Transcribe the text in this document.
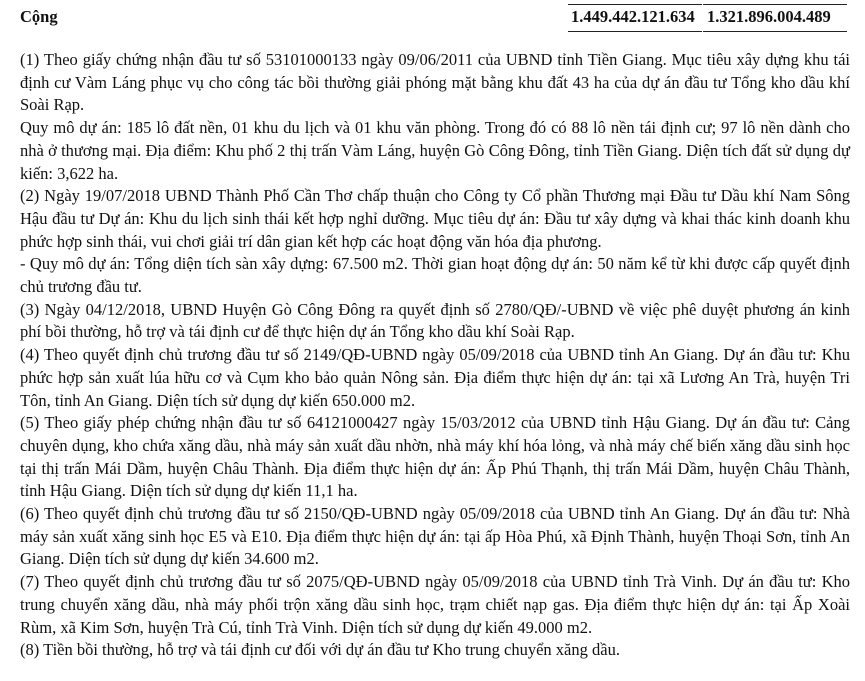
Cộng	1.449.442.121.634 1.321.896.004.489

(1) Theo giấy chứng nhận đầu tư số 53101000133 ngày 09/06/2011 của UBND tỉnh Tiền Giang. Mục tiêu xây dựng khu tái định cư Vàm Láng phục vụ cho công tác bồi thường giải phóng mặt bằng khu đất 43 ha của dự án đầu tư Tổng kho dầu khí Soài Rạp.

Quy mô dự án: 185 lô đất nền, 01 khu du lịch và 01 khu văn phòng. Trong đó có 88 lô nền tái định cư; 97 lô nền dành cho nhà ở thương mại. Địa điểm: Khu phố 2 thị trấn Vàm Láng, huyện Gò Công Đông, tỉnh Tiền Giang. Diện tích đất sử dụng dự kiến: 3,622 ha.

(2) Ngày 19/07/2018 UBND Thành Phố Cần Thơ chấp thuận cho Công ty Cổ phần Thương mại Đầu tư Dầu khí Nam Sông Hậu đầu tư Dự án: Khu du lịch sinh thái kết hợp nghỉ dưỡng. Mục tiêu dự án: Đầu tư xây dựng và khai thác kinh doanh khu phức hợp sinh thái, vui chơi giải trí dân gian kết hợp các hoạt động văn hóa địa phương.

- Quy mô dự án: Tổng diện tích sàn xây dựng: 67.500 m2. Thời gian hoạt động dự án: 50 năm kể từ khi được cấp quyết định chủ trương đầu tư.

(3) Ngày 04/12/2018, UBND Huyện Gò Công Đông ra quyết định số 2780/QĐ/-UBND về việc phê duyệt phương án kinh phí bồi thường, hỗ trợ và tái định cư để thực hiện dự án Tổng kho dầu khí Soài Rạp.

(4) Theo quyết định chủ trương đầu tư số 2149/QĐ-UBND ngày 05/09/2018 của UBND tỉnh An Giang. Dự án đầu tư: Khu phức hợp sản xuất lúa hữu cơ và Cụm kho bảo quản Nông sản. Địa điểm thực hiện dự án: tại xã Lương An Trà, huyện Tri Tôn, tỉnh An Giang. Diện tích sử dụng dự kiến 650.000 m2.

(5) Theo giấy phép chứng nhận đầu tư số 64121000427 ngày 15/03/2012 của UBND tỉnh Hậu Giang. Dự án đầu tư: Cảng chuyên dụng, kho chứa xăng dầu, nhà máy sản xuất dầu nhờn, nhà máy khí hóa lỏng, và nhà máy chế biến xăng dầu sinh học tại thị trấn Mái Dầm, huyện Châu Thành. Địa điểm thực hiện dự án: Ấp Phú Thạnh, thị trấn Mái Dầm, huyện Châu Thành, tỉnh Hậu Giang. Diện tích sử dụng dự kiến 11,1 ha.

(6) Theo quyết định chủ trương đầu tư số 2150/QĐ-UBND ngày 05/09/2018 của UBND tỉnh An Giang. Dự án đầu tư: Nhà máy sản xuất xăng sinh học E5 và E10. Địa điểm thực hiện dự án: tại ấp Hòa Phú, xã Định Thành, huyện Thoại Sơn, tỉnh An Giang. Diện tích sử dụng dự kiến 34.600 m2.

(7) Theo quyết định chủ trương đầu tư số 2075/QĐ-UBND ngày 05/09/2018 của UBND tỉnh Trà Vinh. Dự án đầu tư: Kho trung chuyển xăng dầu, nhà máy phối trộn xăng dầu sinh học, trạm chiết nạp gas. Địa điểm thực hiện dự án: tại Ấp Xoài Rùm, xã Kim Sơn, huyện Trà Cú, tỉnh Trà Vinh. Diện tích sử dụng dự kiến 49.000 m2.

(8) Tiền bồi thường, hỗ trợ và tái định cư đối với dự án đầu tư Kho trung chuyển xăng dầu.
